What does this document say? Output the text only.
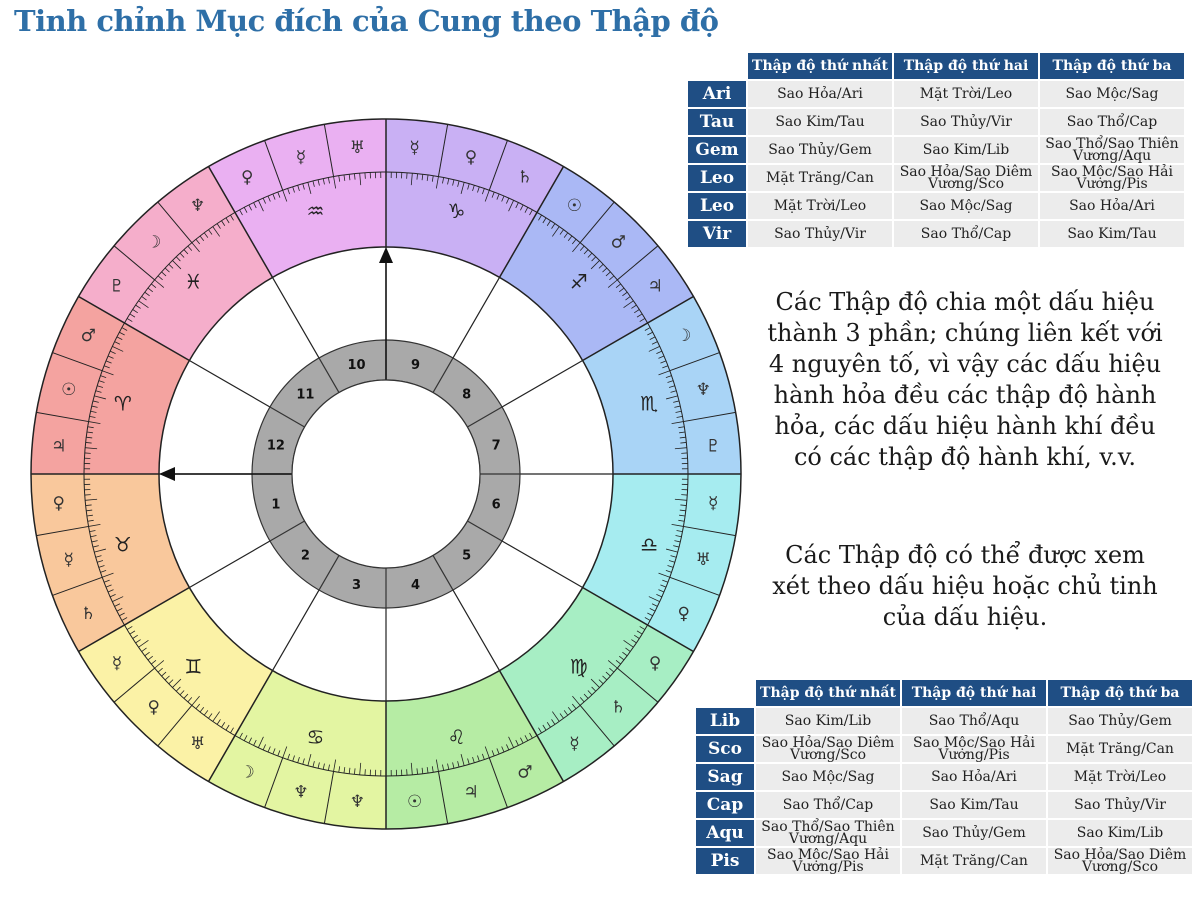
Tinh chỉnh Mục đích của Cung theo Thập độ
♂
☉
♃
♈
♀
☿
♄
♉
☿
♀
♅
♊
☽
♆ ♆
♋
☉ ♃
♂
♌	☿
♄
♀
♍
♀
♅
☿
♎
♇
♆
☽
♏
♃
♂
☉
♐
♄
♀
☿
♑
♅
☿
♀
♒
♆
☽
♇	♓
1
2
3	4
5
6
7
8
9
10
11
12
	Thập độ thứ nhất	Thập độ thứ hai	Thập độ thứ ba
Ari	Sao Hỏa/Ari	Mặt Trời/Leo	Sao Mộc/Sag
Tau	Sao Kim/Tau	Sao Thủy/Vir	Sao Thổ/Cap
Gem	Sao Thủy/Gem	Sao Kim/Lib	Sao Thổ/Sao Thiên Vương/Aqu
Leo	Mặt Trăng/Can	Sao Hỏa/Sao Diêm Vương/Sco	Sao Mộc/Sao Hải Vương/Pis
Leo	Mặt Trời/Leo	Sao Mộc/Sag	Sao Hỏa/Ari
Vir	Sao Thủy/Vir	Sao Thổ/Cap	Sao Kim/Tau
Các Thập độ chia một dấu hiệu thành 3 phần; chúng liên kết với 4 nguyên tố, vì vậy các dấu hiệu hành hỏa đều các thập độ hành hỏa, các dấu hiệu hành khí đều có các thập độ hành khí, v.v.
Các Thập độ có thể được xem xét theo dấu hiệu hoặc chủ tinh của dấu hiệu.
	Thập độ thứ nhất	Thập độ thứ hai	Thập độ thứ ba
Lib	Sao Kim/Lib	Sao Thổ/Aqu	Sao Thủy/Gem
Sco	Sao Hỏa/Sao Diêm Vương/Sco	Sao Mộc/Sao Hải Vương/Pis	Mặt Trăng/Can
Sag	Sao Mộc/Sag	Sao Hỏa/Ari	Mặt Trời/Leo
Cap	Sao Thổ/Cap	Sao Kim/Tau	Sao Thủy/Vir
Aqu	Sao Thổ/Sao Thiên Vương/Aqu	Sao Thủy/Gem	Sao Kim/Lib
Pis	Sao Mộc/Sao Hải Vương/Pis	Mặt Trăng/Can	Sao Hỏa/Sao Diêm Vương/Sco
